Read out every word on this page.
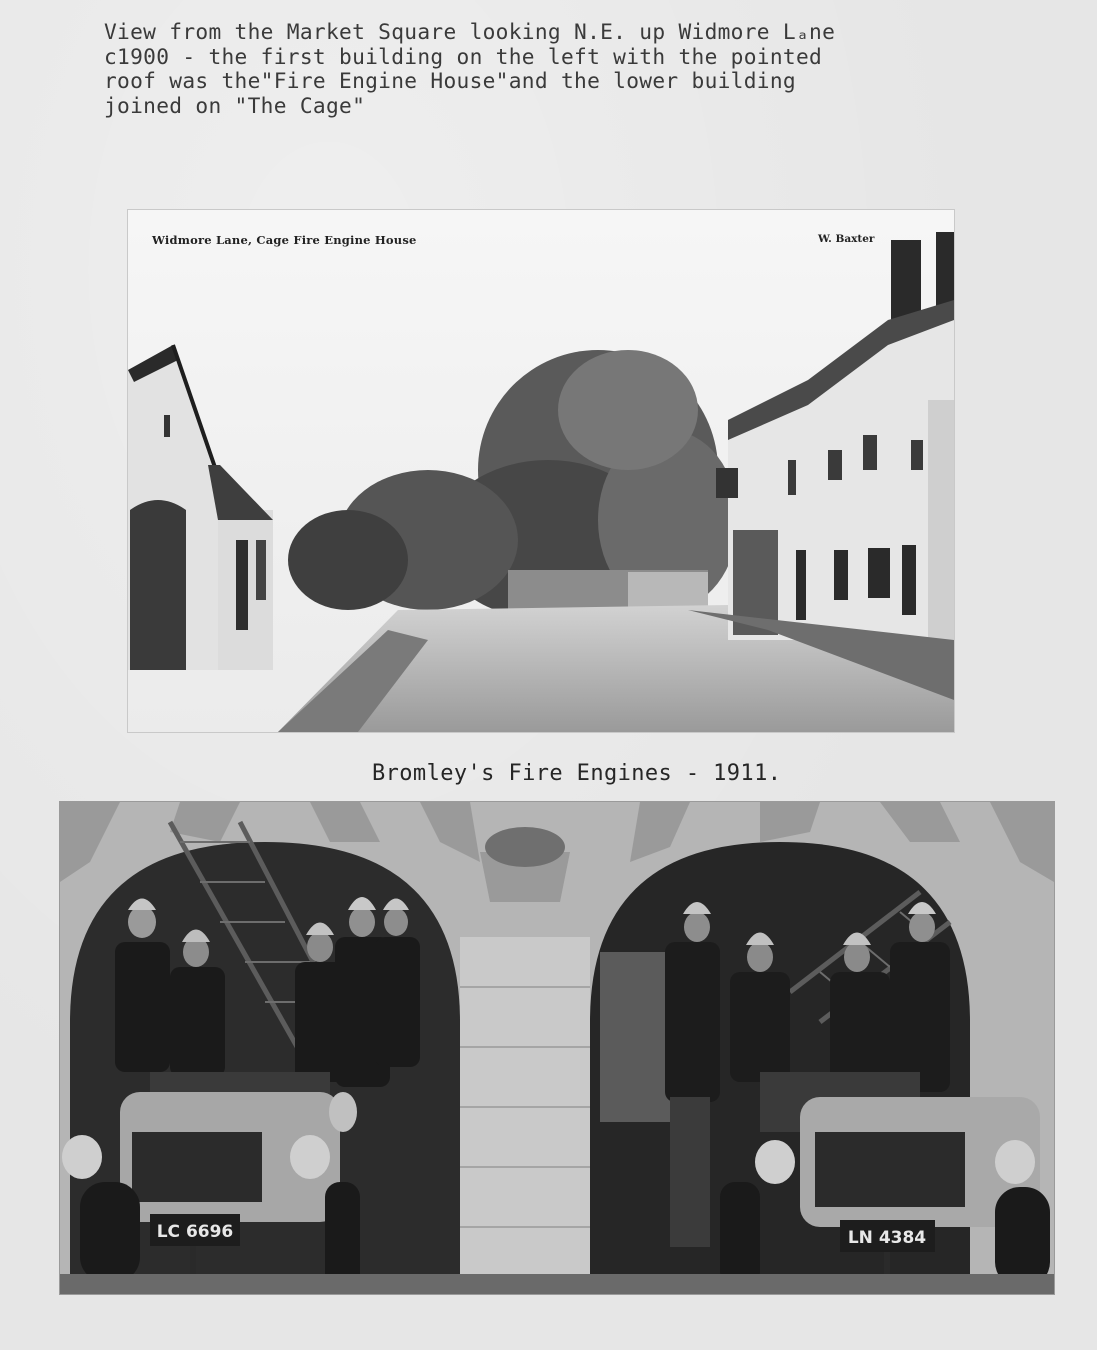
View from the Market Square looking N.E. up Widmore Lₐne
c1900 - the first building on the left with the pointed
roof was the"Fire Engine House"and the lower building
joined on "The Cage"
Widmore Lane, Cage Fire Engine House	W. Baxter
Bromley's Fire Engines - 1911.
LC 6696	LN 4384
